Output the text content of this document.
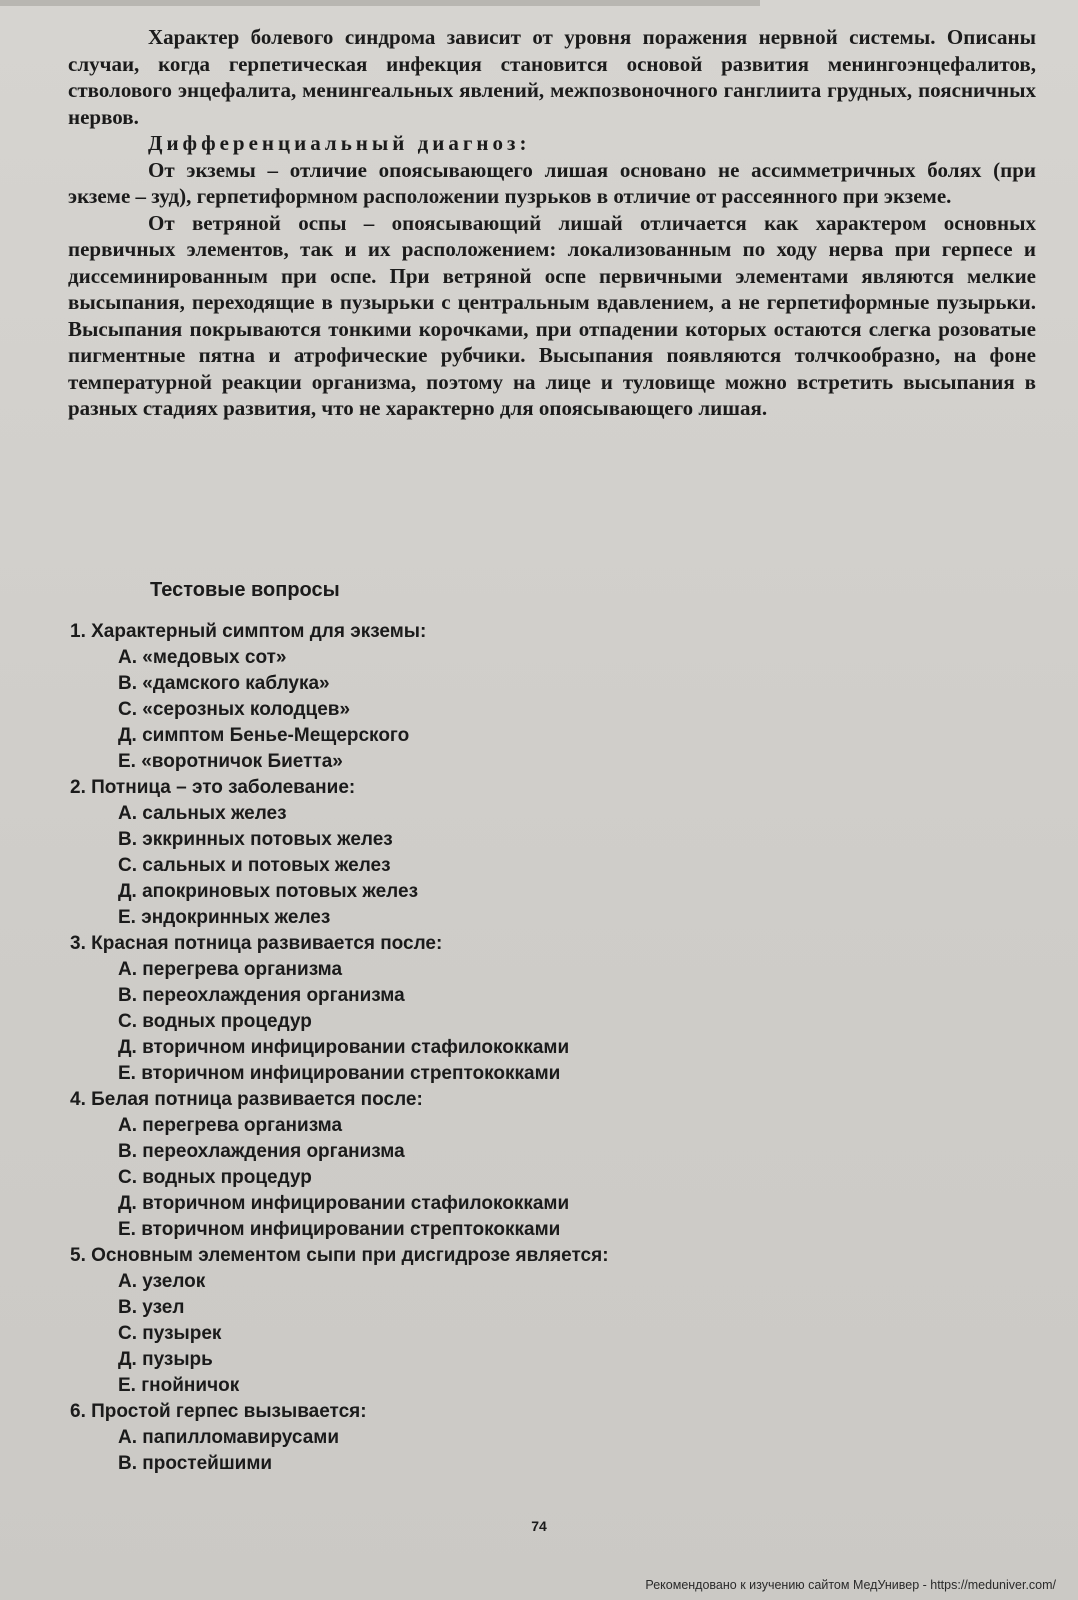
Характер болевого синдрома зависит от уровня поражения нервной системы. Описаны случаи, когда герпетическая инфекция становится основой развития менингоэнцефалитов, стволового энцефалита, менингеальных явлений, межпозвоночного ганглиита грудных, поясничных нервов.

Дифференциальный диагноз:

От экземы – отличие опоясывающего лишая основано не ассимметричных болях (при экземе – зуд), герпетиформном расположении пузрьков в отличие от рассеянного при экземе.

От ветряной оспы – опоясывающий лишай отличается как характером основных первичных элементов, так и их расположением: локализованным по ходу нерва при герпесе и диссеминированным при оспе. При ветряной оспе первичными элементами являются мелкие высыпания, переходящие в пузырьки с центральным вдавлением, а не герпетиформные пузырьки. Высыпания покрываются тонкими корочками, при отпадении которых остаются слегка розоватые пигментные пятна и атрофические рубчики. Высыпания появляются толчкообразно, на фоне температурной реакции организма, поэтому на лице и туловище можно встретить высыпания в разных стадиях развития, что не характерно для опоясывающего лишая.

Тестовые вопросы

1. Характерный симптом для экземы:

А. «медовых сот»

В. «дамского каблука»

С. «серозных колодцев»

Д. симптом Бенье-Мещерского

Е. «воротничок Биетта»

2. Потница – это заболевание:

А. сальных желез

В. эккринных потовых желез

С. сальных и потовых желез

Д. апокриновых потовых желез

Е. эндокринных желез

3. Красная потница развивается после:

А. перегрева организма

В. переохлаждения организма

С. водных процедур

Д. вторичном инфицировании стафилококками

Е. вторичном инфицировании стрептококками

4. Белая потница развивается после:

А. перегрева организма

В. переохлаждения организма

С. водных процедур

Д. вторичном инфицировании стафилококками

Е. вторичном инфицировании стрептококками

5. Основным элементом сыпи при дисгидрозе является:

А. узелок

В. узел

С. пузырек

Д. пузырь

Е. гнойничок

6. Простой герпес вызывается:

А. папилломавирусами

В. простейшими

74
Рекомендовано к изучению сайтом МедУнивер - https://meduniver.com/
